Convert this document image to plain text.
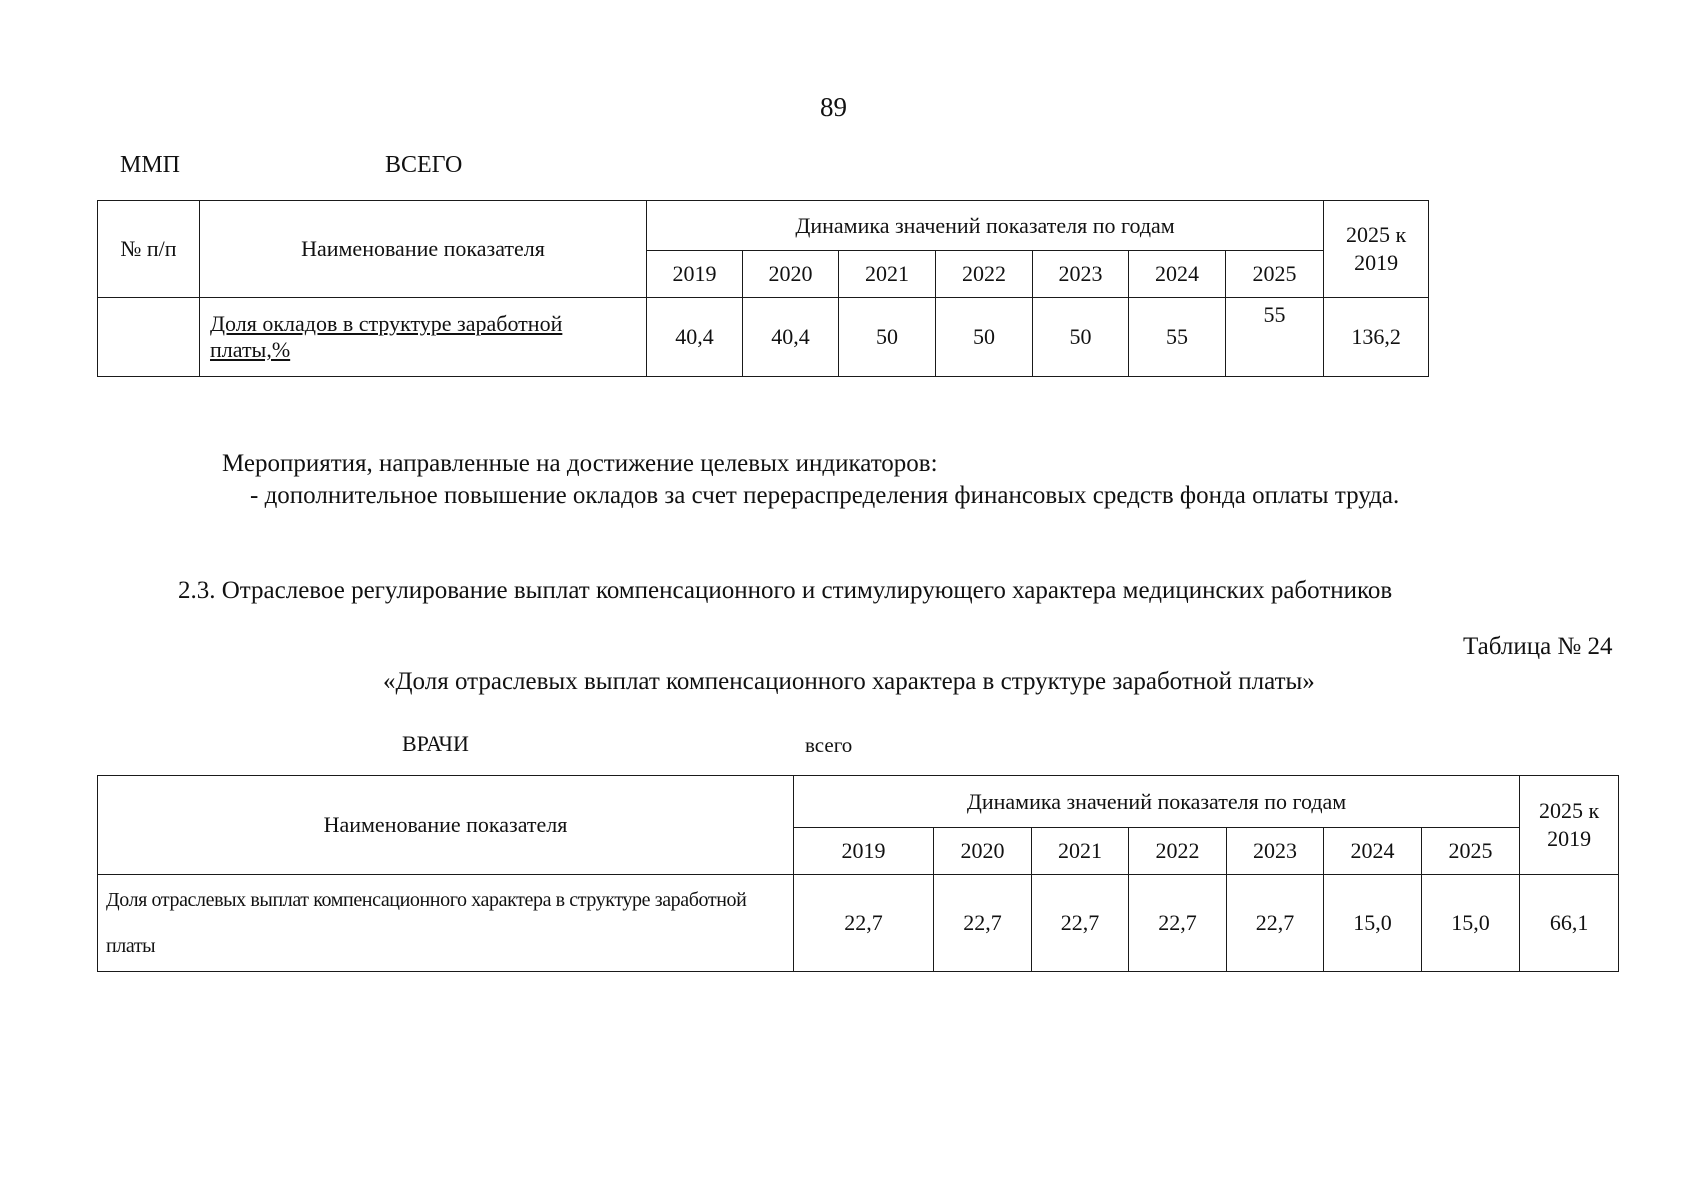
89
ММП	ВСЕГО
№ п/п	Наименование показателя	Динамика значений показателя по годам							2025 к 2019
		2019	2020	2021	2022	2023	2024	2025	
	Доля окладов в структуре заработной платы,%	40,4	40,4	50	50	50	55	55	136,2
Мероприятия, направленные на достижение целевых индикаторов:
- дополнительное повышение окладов за счет перераспределения финансовых средств фонда оплаты труда.
2.3. Отраслевое регулирование выплат компенсационного и стимулирующего характера медицинских работников
Таблица № 24
«Доля отраслевых выплат компенсационного характера в структуре заработной платы»
ВРАЧИ	всего
Наименование показателя	Динамика значений показателя по годам							2025 к 2019
	2019	2020	2021	2022	2023	2024	2025	
Доля отраслевых выплат компенсационного характера в структуре заработной платы	22,7	22,7	22,7	22,7	22,7	15,0	15,0	66,1
